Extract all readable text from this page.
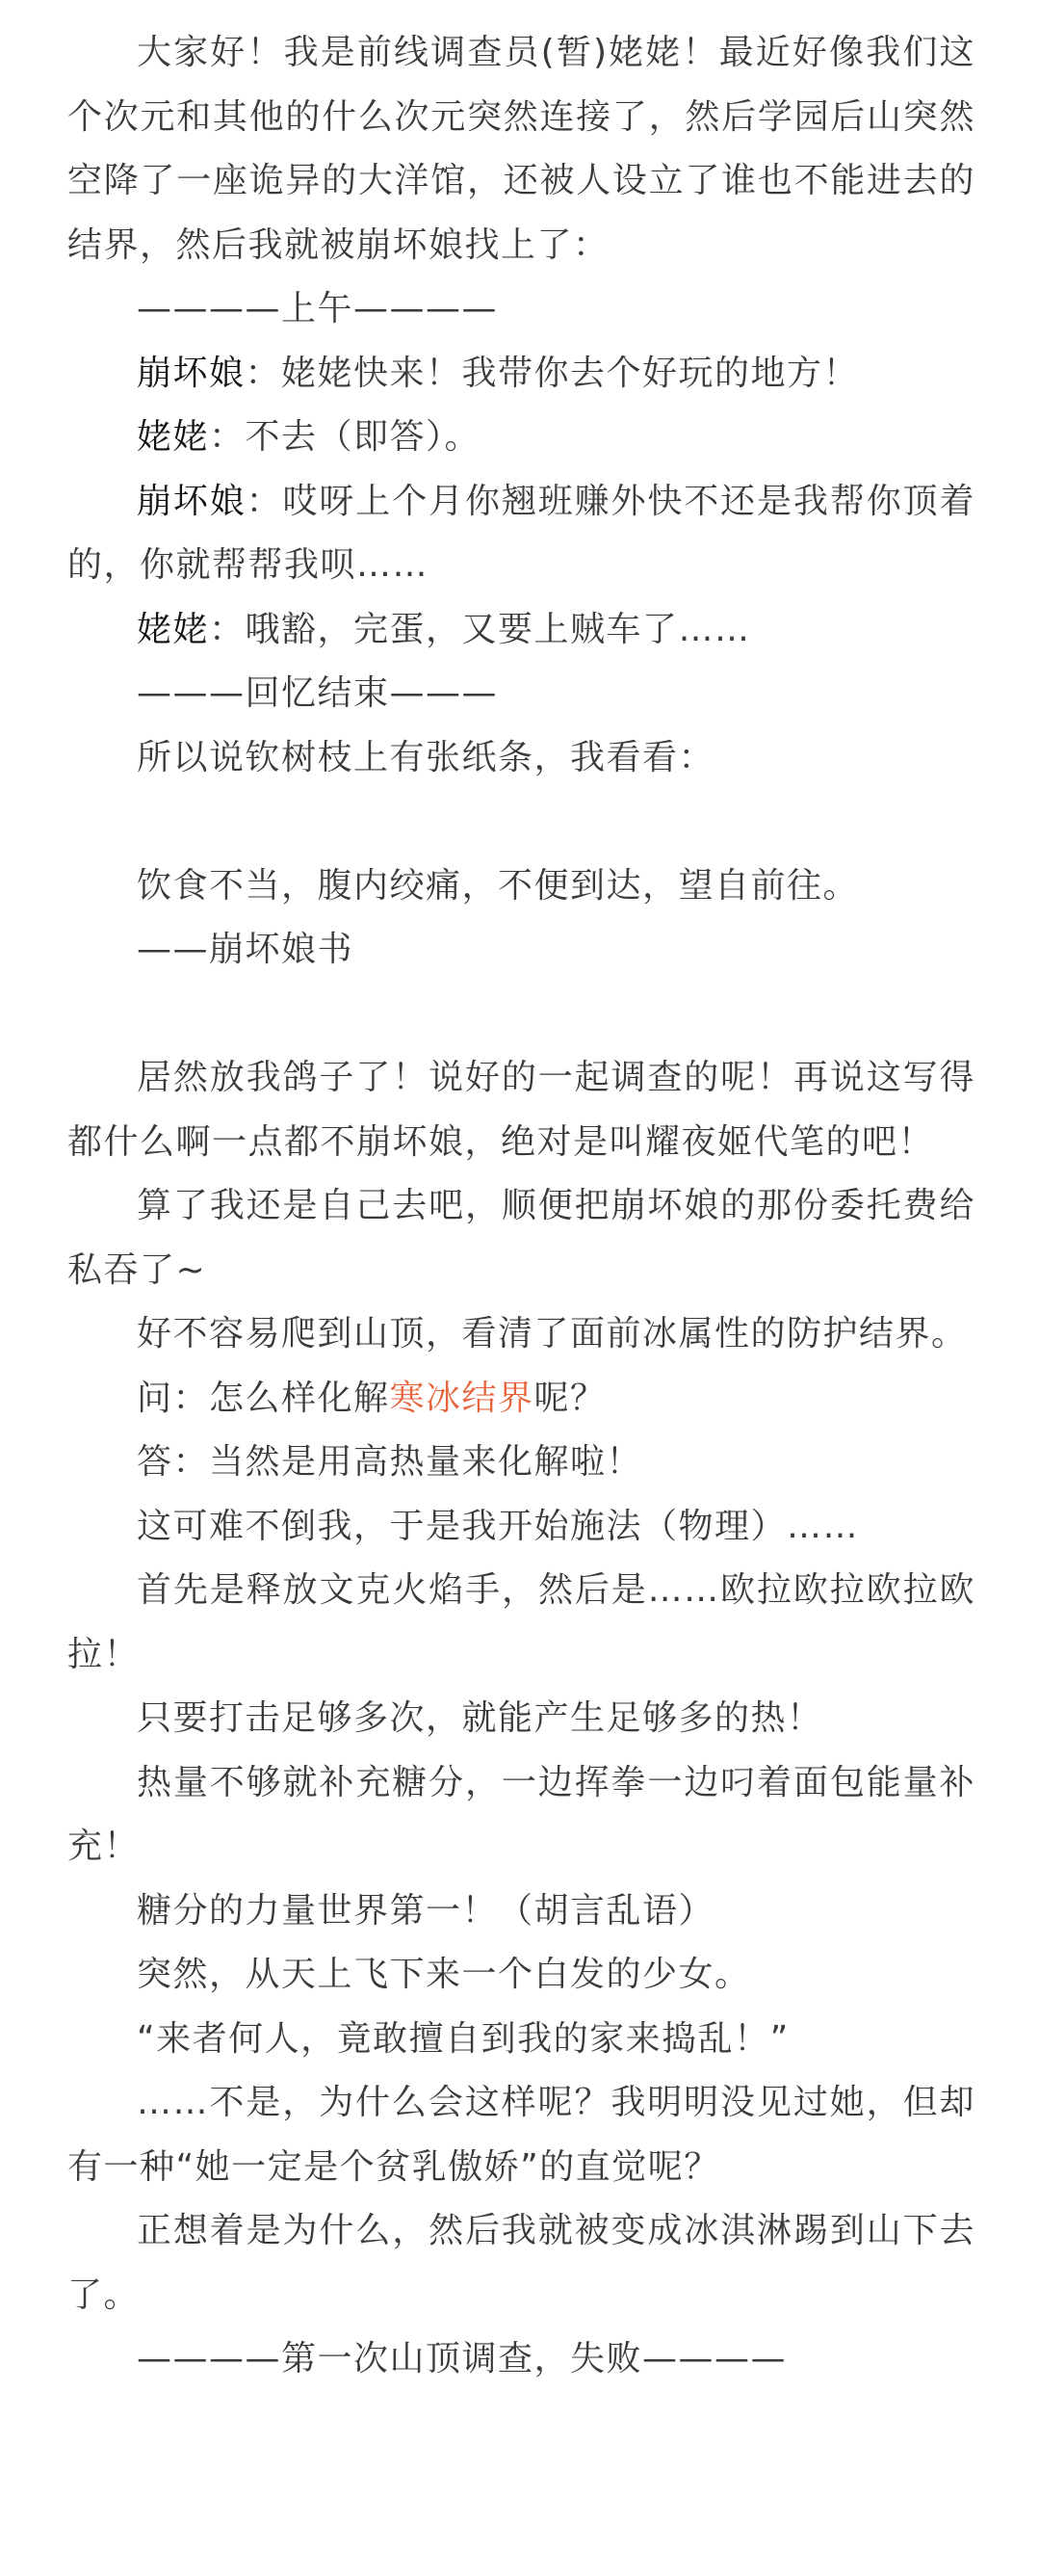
大家好！我是前线调查员(暂)姥姥！最近好像我们这个次元和其他的什么次元突然连接了，然后学园后山突然空降了一座诡异的大洋馆，还被人设立了谁也不能进去的结界，然后我就被崩坏娘找上了：

————上午————

崩坏娘：姥姥快来！我带你去个好玩的地方！

姥姥：不去（即答）。

崩坏娘：哎呀上个月你翘班赚外快不还是我帮你顶着的，你就帮帮我呗……

姥姥：哦豁，完蛋，又要上贼车了……

———回忆结束———

所以说钦树枝上有张纸条，我看看：

饮食不当，腹内绞痛，不便到达，望自前往。

——崩坏娘书

居然放我鸽子了！说好的一起调查的呢！再说这写得都什么啊一点都不崩坏娘，绝对是叫耀夜姬代笔的吧！

算了我还是自己去吧，顺便把崩坏娘的那份委托费给私吞了~

好不容易爬到山顶，看清了面前冰属性的防护结界。

问：怎么样化解寒冰结界呢？

答：当然是用高热量来化解啦！

这可难不倒我，于是我开始施法（物理）……

首先是释放文克火焰手，然后是……欧拉欧拉欧拉欧拉！

只要打击足够多次，就能产生足够多的热！

热量不够就补充糖分，一边挥拳一边叼着面包能量补充！

糖分的力量世界第一！（胡言乱语）

突然，从天上飞下来一个白发的少女。

“来者何人，竟敢擅自到我的家来捣乱！”

……不是，为什么会这样呢？我明明没见过她，但却有一种“她一定是个贫乳傲娇”的直觉呢？

正想着是为什么，然后我就被变成冰淇淋踢到山下去了。

————第一次山顶调查，失败————
